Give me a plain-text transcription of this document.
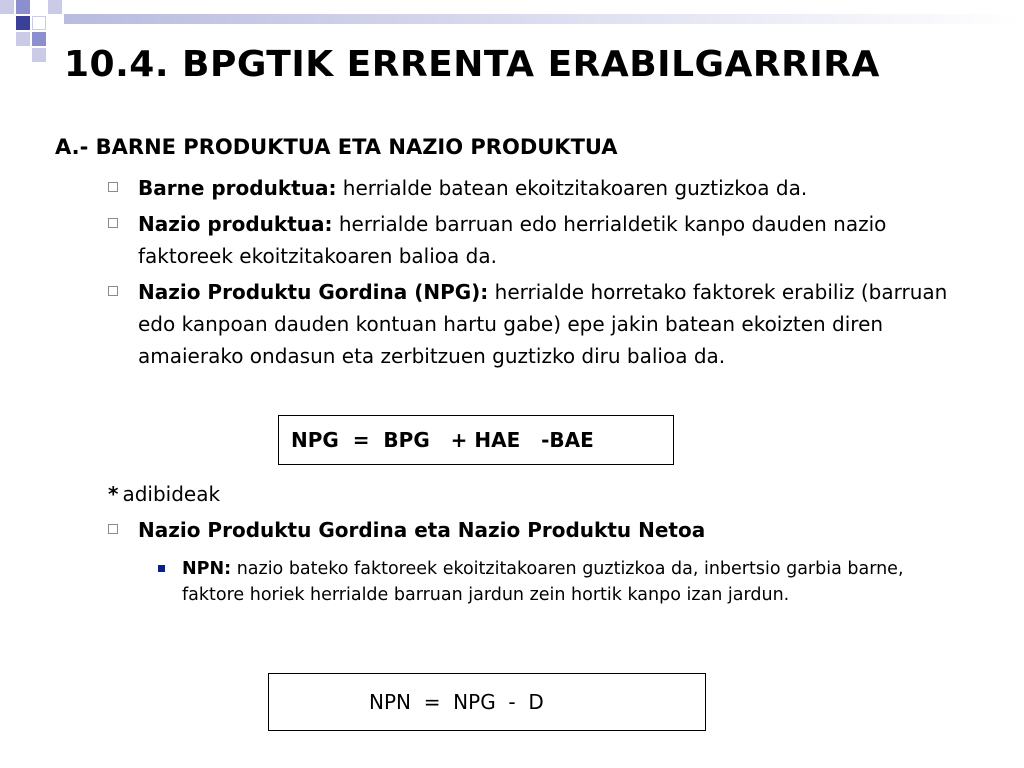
10.4. BPGTIK ERRENTA ERABILGARRIRA
A.- BARNE PRODUKTUA ETA NAZIO PRODUKTUA
Barne produktua: herrialde batean ekoitzitakoaren guztizkoa da.
Nazio produktua: herrialde barruan edo herrialdetik kanpo dauden nazio faktoreek ekoitzitakoaren balioa da.
Nazio Produktu Gordina (NPG): herrialde horretako faktorek erabiliz (barruan edo kanpoan dauden kontuan hartu gabe) epe jakin batean ekoizten diren amaierako ondasun eta zerbitzuen guztizko diru balioa da.
NPG  =  BPG   + HAE   -BAE
* adibideak
Nazio Produktu Gordina eta Nazio Produktu Netoa
NPN: nazio bateko faktoreek ekoitzitakoaren guztizkoa da, inbertsio garbia barne, faktore horiek herrialde barruan jardun zein hortik kanpo izan jardun.
NPN  =  NPG  -  D
